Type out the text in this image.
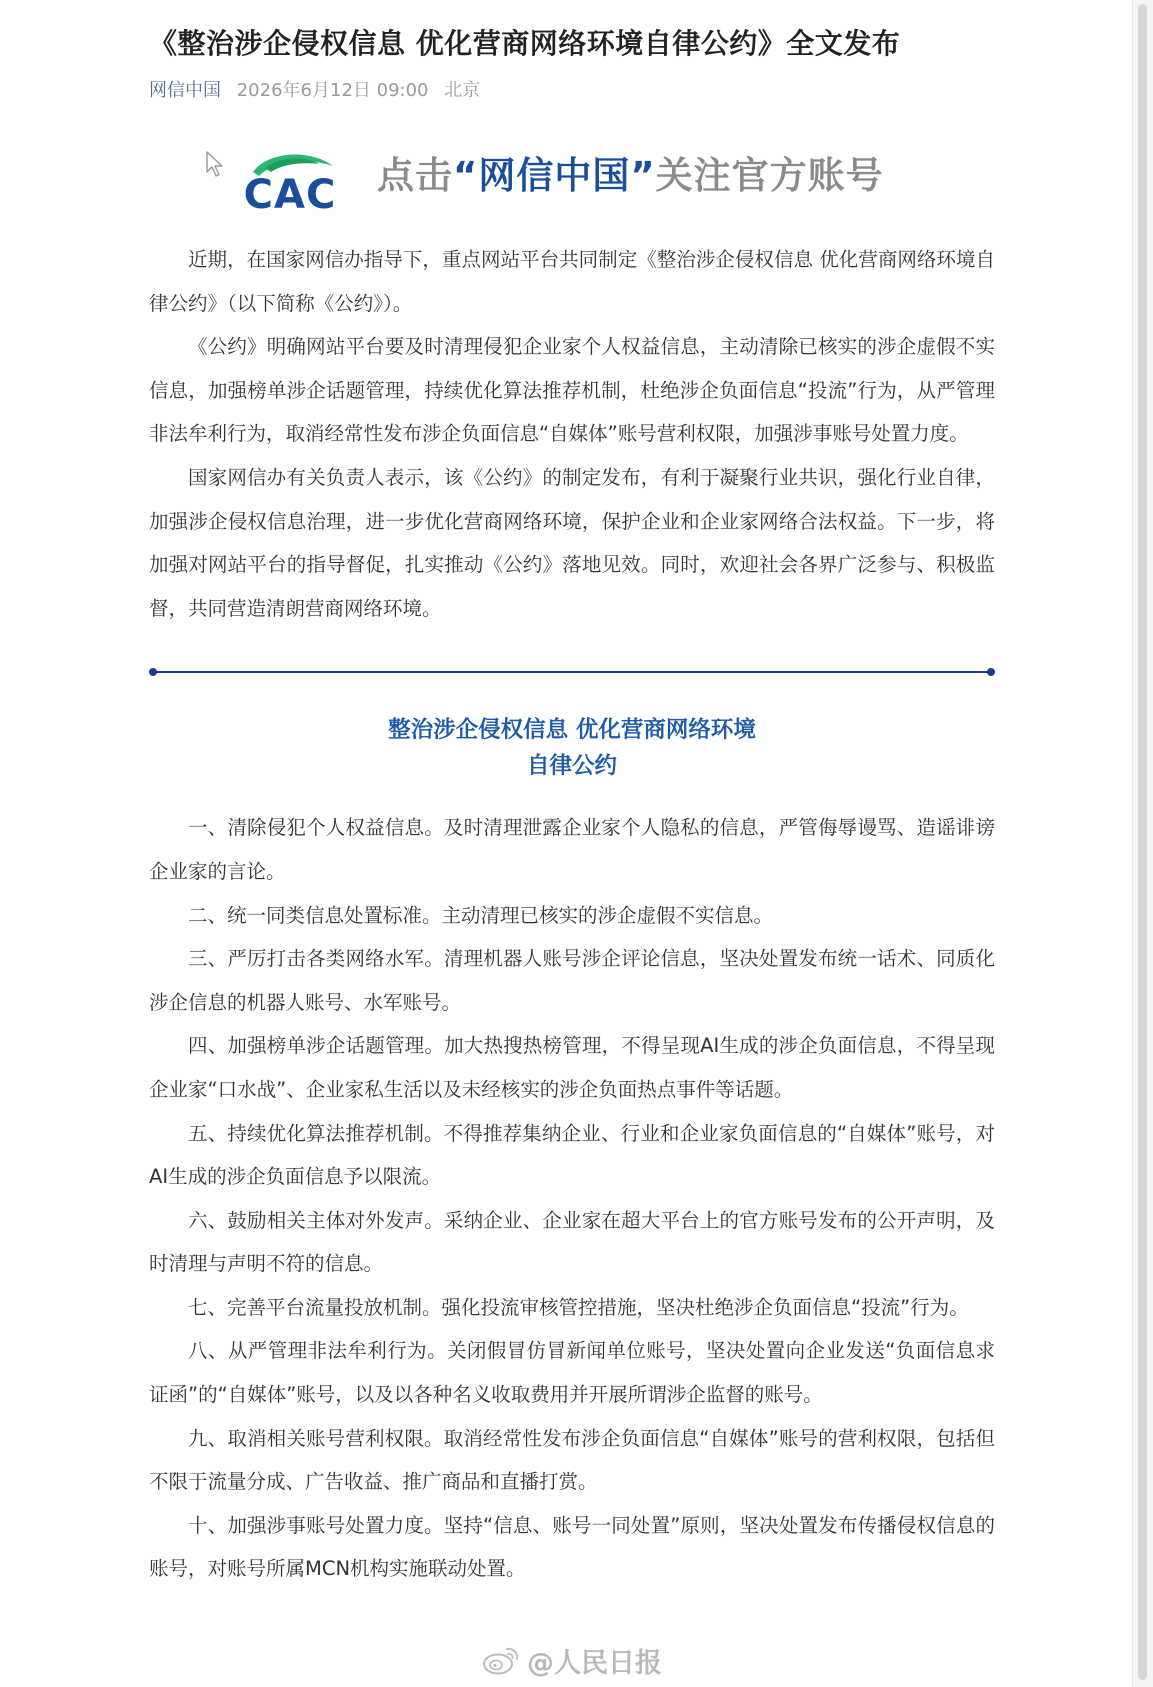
《整治涉企侵权信息 优化营商网络环境自律公约》全文发布
网信中国 2026年6月12日 09:00 北京
CAC 点击“网信中国”关注官方账号

近期，在国家网信办指导下，重点网站平台共同制定《整治涉企侵权信息 优化营商网络环境自律公约》（以下简称《公约》）。

《公约》明确网站平台要及时清理侵犯企业家个人权益信息，主动清除已核实的涉企虚假不实信息，加强榜单涉企话题管理，持续优化算法推荐机制，杜绝涉企负面信息“投流”行为，从严管理非法牟利行为，取消经常性发布涉企负面信息“自媒体”账号营利权限，加强涉事账号处置力度。

国家网信办有关负责人表示，该《公约》的制定发布，有利于凝聚行业共识，强化行业自律，加强涉企侵权信息治理，进一步优化营商网络环境，保护企业和企业家网络合法权益。下一步，将加强对网站平台的指导督促，扎实推动《公约》落地见效。同时，欢迎社会各界广泛参与、积极监督，共同营造清朗营商网络环境。

整治涉企侵权信息 优化营商网络环境
自律公约

一、清除侵犯个人权益信息。及时清理泄露企业家个人隐私的信息，严管侮辱谩骂、造谣诽谤企业家的言论。

二、统一同类信息处置标准。主动清理已核实的涉企虚假不实信息。

三、严厉打击各类网络水军。清理机器人账号涉企评论信息，坚决处置发布统一话术、同质化涉企信息的机器人账号、水军账号。

四、加强榜单涉企话题管理。加大热搜热榜管理，不得呈现AI生成的涉企负面信息，不得呈现企业家“口水战”、企业家私生活以及未经核实的涉企负面热点事件等话题。

五、持续优化算法推荐机制。不得推荐集纳企业、行业和企业家负面信息的“自媒体”账号，对AI生成的涉企负面信息予以限流。

六、鼓励相关主体对外发声。采纳企业、企业家在超大平台上的官方账号发布的公开声明，及时清理与声明不符的信息。

七、完善平台流量投放机制。强化投流审核管控措施，坚决杜绝涉企负面信息“投流”行为。

八、从严管理非法牟利行为。关闭假冒仿冒新闻单位账号，坚决处置向企业发送“负面信息求证函”的“自媒体”账号，以及以各种名义收取费用并开展所谓涉企监督的账号。

九、取消相关账号营利权限。取消经常性发布涉企负面信息“自媒体”账号的营利权限，包括但不限于流量分成、广告收益、推广商品和直播打赏。

十、加强涉事账号处置力度。坚持“信息、账号一同处置”原则，坚决处置发布传播侵权信息的账号，对账号所属MCN机构实施联动处置。

@人民日报
